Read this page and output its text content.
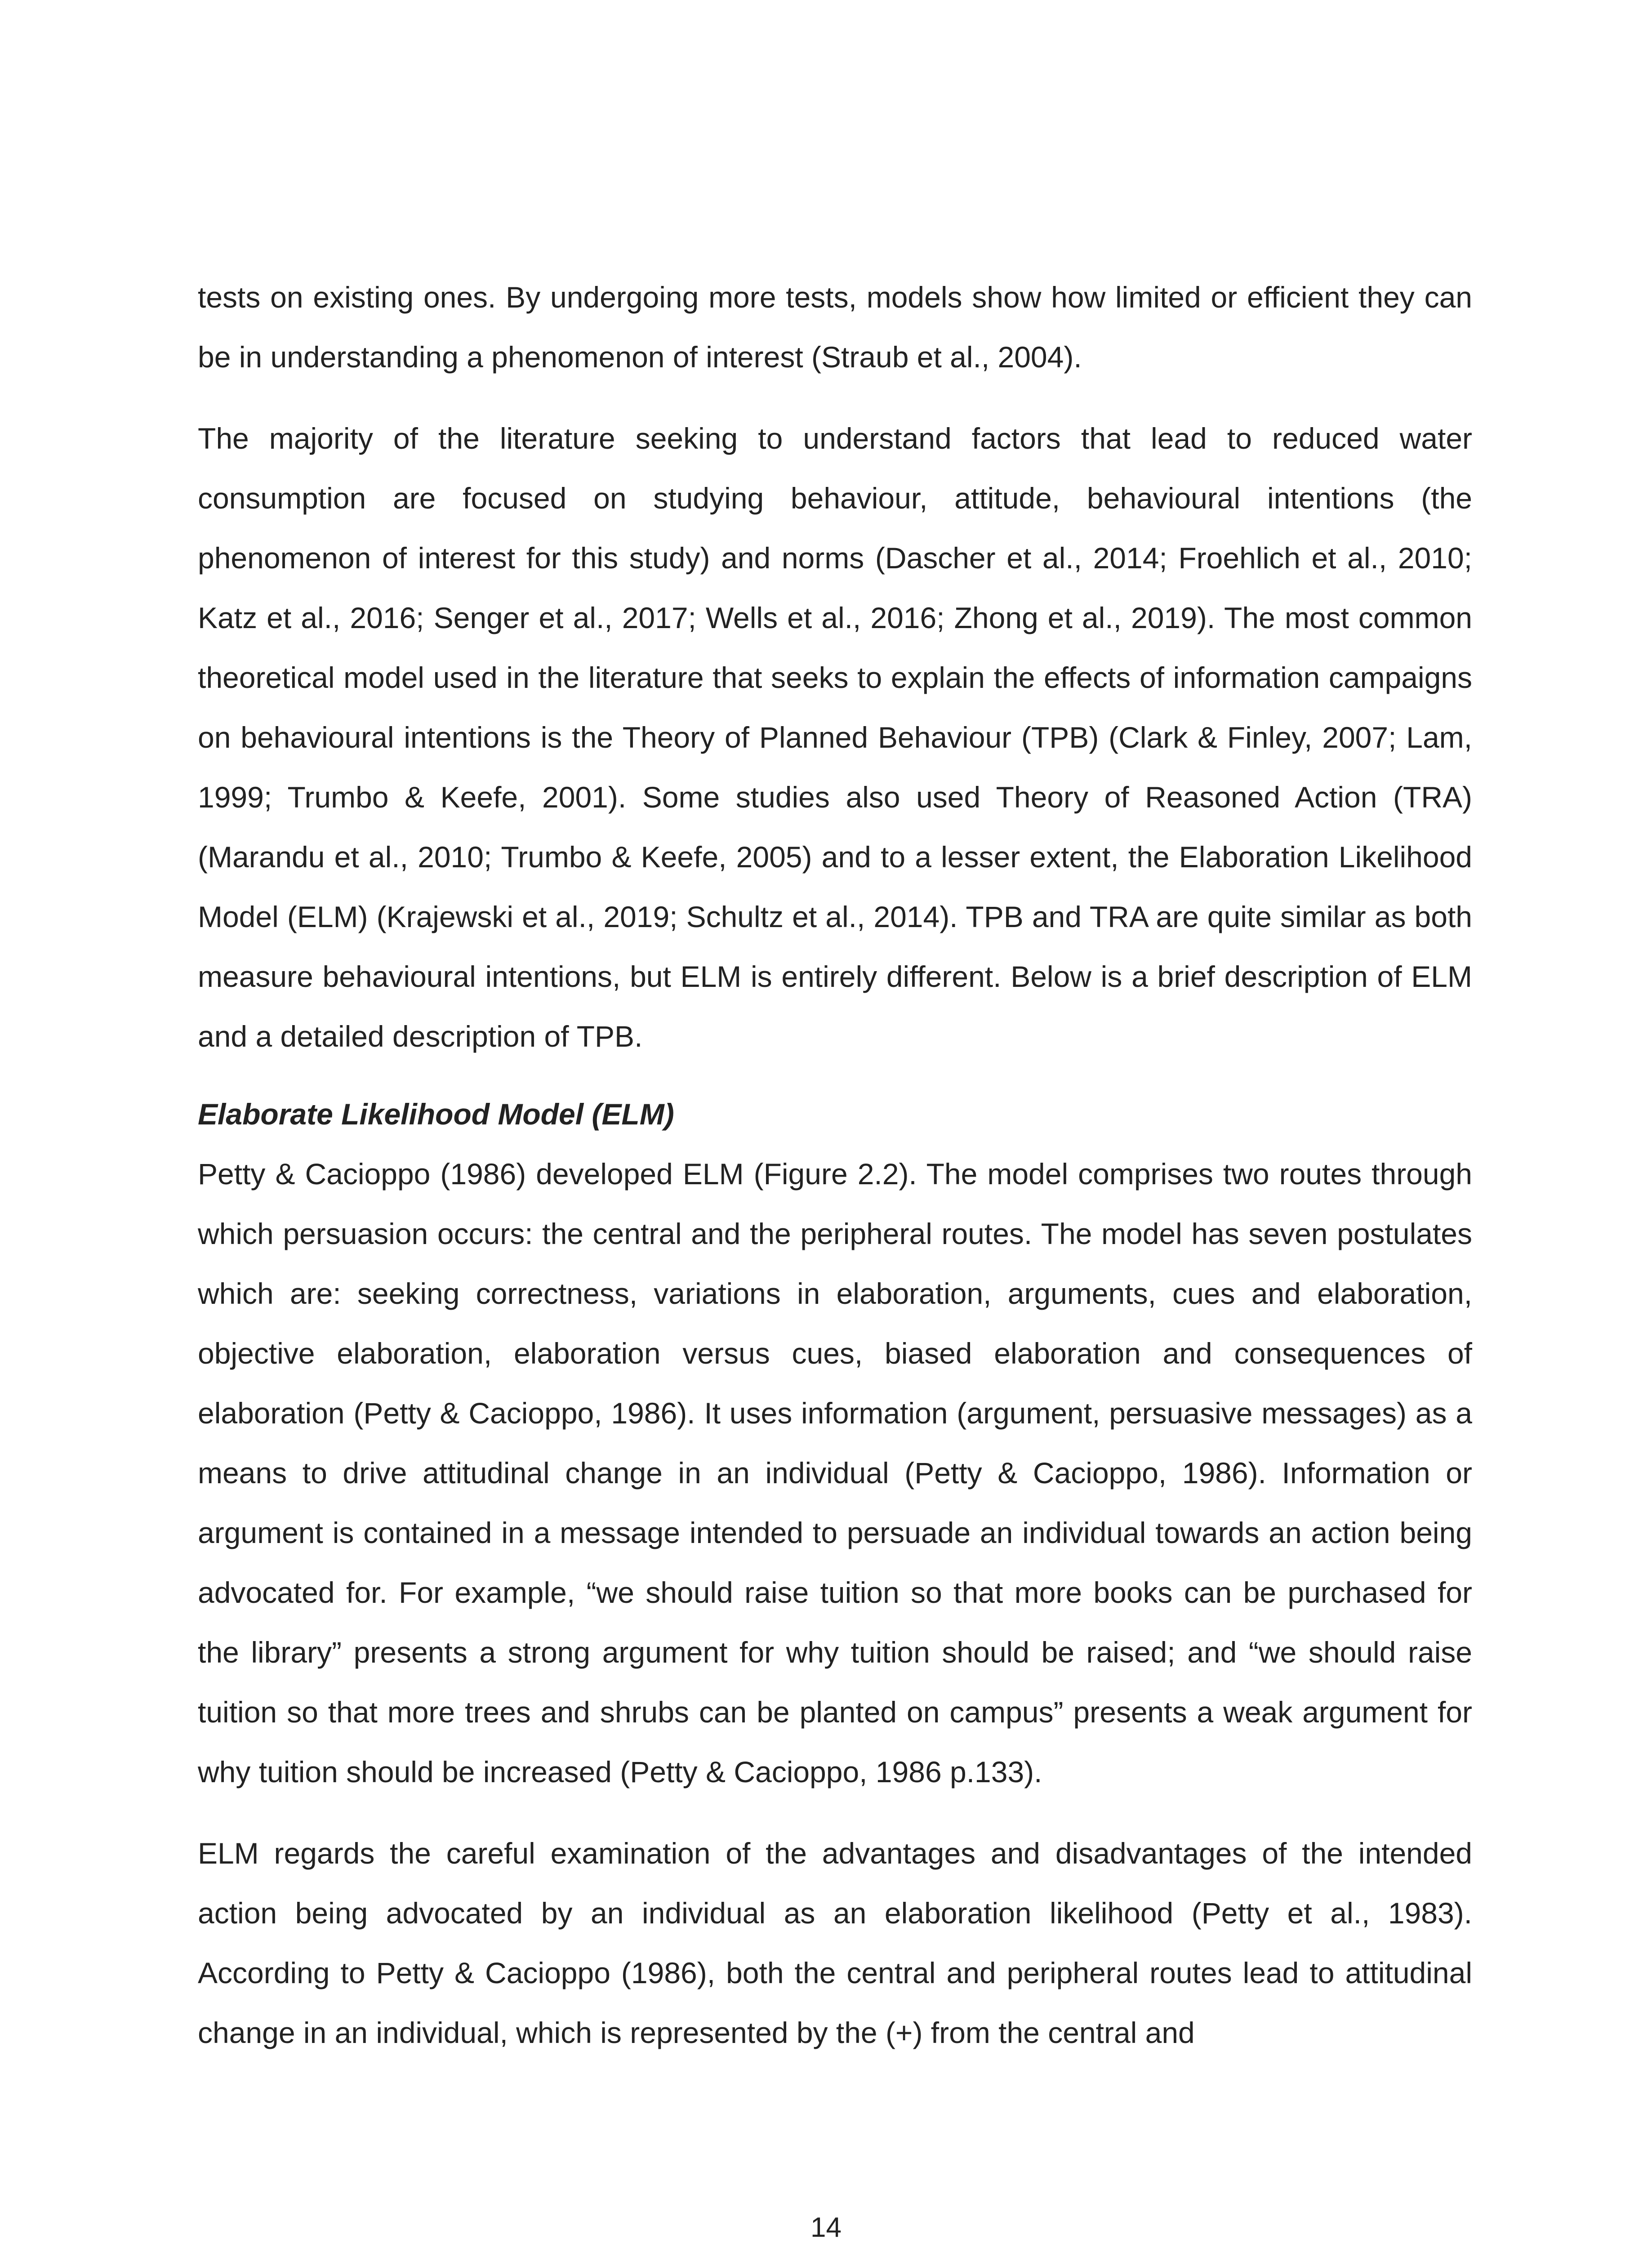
tests on existing ones. By undergoing more tests, models show how limited or efficient they can be in understanding a phenomenon of interest (Straub et al., 2004).

The majority of the literature seeking to understand factors that lead to reduced water consumption are focused on studying behaviour, attitude, behavioural intentions (the phenomenon of interest for this study) and norms (Dascher et al., 2014; Froehlich et al., 2010; Katz et al., 2016; Senger et al., 2017; Wells et al., 2016; Zhong et al., 2019). The most common theoretical model used in the literature that seeks to explain the effects of information campaigns on behavioural intentions is the Theory of Planned Behaviour (TPB) (Clark & Finley, 2007; Lam, 1999; Trumbo & Keefe, 2001). Some studies also used Theory of Reasoned Action (TRA) (Marandu et al., 2010; Trumbo & Keefe, 2005) and to a lesser extent, the Elaboration Likelihood Model (ELM) (Krajewski et al., 2019; Schultz et al., 2014). TPB and TRA are quite similar as both measure behavioural intentions, but ELM is entirely different. Below is a brief description of ELM and a detailed description of TPB.

Elaborate Likelihood Model (ELM)

Petty & Cacioppo (1986) developed ELM (Figure 2.2). The model comprises two routes through which persuasion occurs: the central and the peripheral routes. The model has seven postulates which are: seeking correctness, variations in elaboration, arguments, cues and elaboration, objective elaboration, elaboration versus cues, biased elaboration and consequences of elaboration (Petty & Cacioppo, 1986). It uses information (argument, persuasive messages) as a means to drive attitudinal change in an individual (Petty & Cacioppo, 1986). Information or argument is contained in a message intended to persuade an individual towards an action being advocated for. For example, “we should raise tuition so that more books can be purchased for the library” presents a strong argument for why tuition should be raised; and “we should raise tuition so that more trees and shrubs can be planted on campus” presents a weak argument for why tuition should be increased (Petty & Cacioppo, 1986 p.133).

ELM regards the careful examination of the advantages and disadvantages of the intended action being advocated by an individual as an elaboration likelihood (Petty et al., 1983). According to Petty & Cacioppo (1986), both the central and peripheral routes lead to attitudinal change in an individual, which is represented by the (+) from the central and

14
